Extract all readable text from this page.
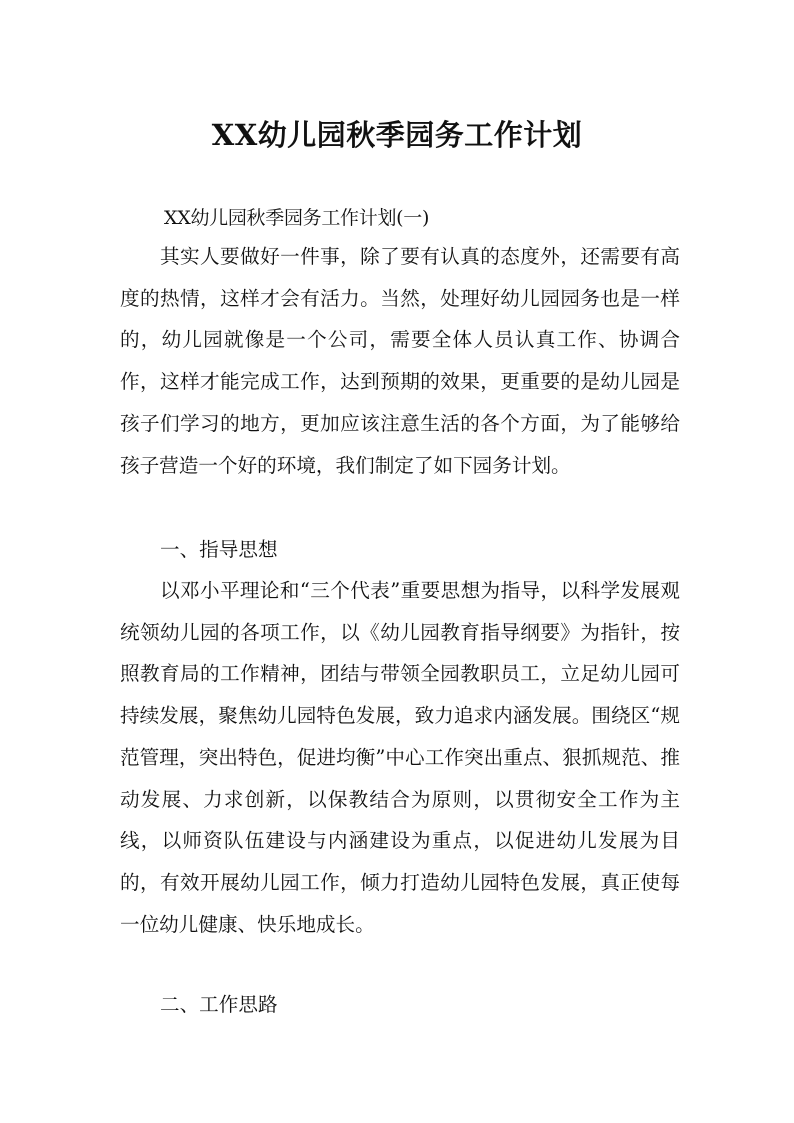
XX幼儿园秋季园务工作计划
XX幼儿园秋季园务工作计划(一)

其实人要做好一件事，除了要有认真的态度外，还需要有高度的热情，这样才会有活力。当然，处理好幼儿园园务也是一样的，幼儿园就像是一个公司，需要全体人员认真工作、协调合作，这样才能完成工作，达到预期的效果，更重要的是幼儿园是孩子们学习的地方，更加应该注意生活的各个方面，为了能够给孩子营造一个好的环境，我们制定了如下园务计划。

一、指导思想

以邓小平理论和“三个代表”重要思想为指导，以科学发展观统领幼儿园的各项工作，以《幼儿园教育指导纲要》为指针，按照教育局的工作精神，团结与带领全园教职员工，立足幼儿园可持续发展，聚焦幼儿园特色发展，致力追求内涵发展。围绕区“规范管理，突出特色，促进均衡”中心工作突出重点、狠抓规范、推动发展、力求创新，以保教结合为原则，以贯彻安全工作为主线，以师资队伍建设与内涵建设为重点，以促进幼儿发展为目的，有效开展幼儿园工作，倾力打造幼儿园特色发展，真正使每一位幼儿健康、快乐地成长。

二、工作思路
